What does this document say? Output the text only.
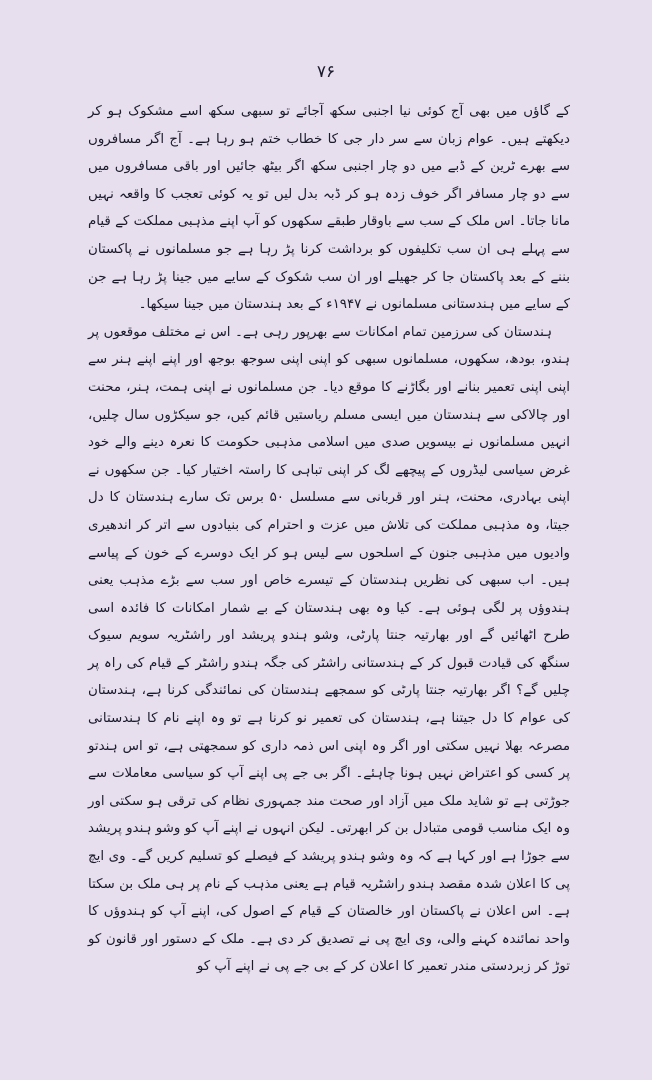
۷۶

کے گاؤں میں بھی آج کوئی نیا اجنبی سکھ آجائے تو سبھی سکھ اسے مشکوک ہو کر دیکھتے ہیں۔ عوام زبان سے سر دار جی کا خطاب ختم ہو رہا ہے۔ آج اگر مسافروں سے بھرے ٹرین کے ڈبے میں دو چار اجنبی سکھ اگر بیٹھ جائیں اور باقی مسافروں میں سے دو چار مسافر اگر خوف زدہ ہو کر ڈبہ بدل لیں تو یہ کوئی تعجب کا واقعہ نہیں مانا جاتا۔ اس ملک کے سب سے باوقار طبقے سکھوں کو آپ اپنے مذہبی مملکت کے قیام سے پہلے ہی ان سب تکلیفوں کو برداشت کرنا پڑ رہا ہے جو مسلمانوں نے پاکستان بننے کے بعد پاکستان جا کر جھیلے اور ان سب شکوک کے سایے میں جینا پڑ رہا ہے جن کے سایے میں ہندستانی مسلمانوں نے ۱۹۴۷ء کے بعد ہندستان میں جینا سیکھا۔

ہندستان کی سرزمین تمام امکانات سے بھرپور رہی ہے۔ اس نے مختلف موقعوں پر ہندو، بودھ، سکھوں، مسلمانوں سبھی کو اپنی اپنی سوجھ بوجھ اور اپنے اپنے ہنر سے اپنی اپنی تعمیر بنانے اور بگاڑنے کا موقع دیا۔ جن مسلمانوں نے اپنی ہمت، ہنر، محنت اور چالاکی سے ہندستان میں ایسی مسلم ریاستیں قائم کیں، جو سیکڑوں سال چلیں، انہیں مسلمانوں نے بیسویں صدی میں اسلامی مذہبی حکومت کا نعرہ دینے والے خود غرض سیاسی لیڈروں کے پیچھے لگ کر اپنی تباہی کا راستہ اختیار کیا۔ جن سکھوں نے اپنی بہادری، محنت، ہنر اور قربانی سے مسلسل ۵۰ برس تک سارے ہندستان کا دل جیتا، وہ مذہبی مملکت کی تلاش میں عزت و احترام کی بنیادوں سے اتر کر اندھیری وادیوں میں مذہبی جنون کے اسلحوں سے لیس ہو کر ایک دوسرے کے خون کے پیاسے ہیں۔ اب سبھی کی نظریں ہندستان کے تیسرے خاص اور سب سے بڑے مذہب یعنی ہندوؤں پر لگی ہوئی ہے۔ کیا وہ بھی ہندستان کے بے شمار امکانات کا فائدہ اسی طرح اٹھائیں گے اور بھارتیہ جنتا پارٹی، وشو ہندو پریشد اور راشٹریہ سویم سیوک سنگھ کی قیادت قبول کر کے ہندستانی راشٹر کی جگہ ہندو راشٹر کے قیام کی راہ پر چلیں گے؟ اگر بھارتیہ جنتا پارٹی کو سمجھے ہندستان کی نمائندگی کرنا ہے، ہندستان کی عوام کا دل جیتنا ہے، ہندستان کی تعمیر نو کرنا ہے تو وہ اپنے نام کا ہندستانی مصرعہ بھلا نہیں سکتی اور اگر وہ اپنی اس ذمہ داری کو سمجھتی ہے، تو اس ہندتو پر کسی کو اعتراض نہیں ہونا چاہئے۔ اگر بی جے پی اپنے آپ کو سیاسی معاملات سے جوڑتی ہے تو شاید ملک میں آزاد اور صحت مند جمہوری نظام کی ترقی ہو سکتی اور وہ ایک مناسب قومی متبادل بن کر ابھرتی۔ لیکن انہوں نے اپنے آپ کو وشو ہندو پریشد سے جوڑا ہے اور کہا ہے کہ وہ وشو ہندو پریشد کے فیصلے کو تسلیم کریں گے۔ وی ایچ پی کا اعلان شدہ مقصد ہندو راشٹریہ قیام ہے یعنی مذہب کے نام پر ہی ملک بن سکتا ہے۔ اس اعلان نے پاکستان اور خالصتان کے قیام کے اصول کی، اپنے آپ کو ہندوؤں کا واحد نمائندہ کہنے والی، وی ایچ پی نے تصدیق کر دی ہے۔ ملک کے دستور اور قانون کو توڑ کر زبردستی مندر تعمیر کا اعلان کر کے بی جے پی نے اپنے آپ کو
